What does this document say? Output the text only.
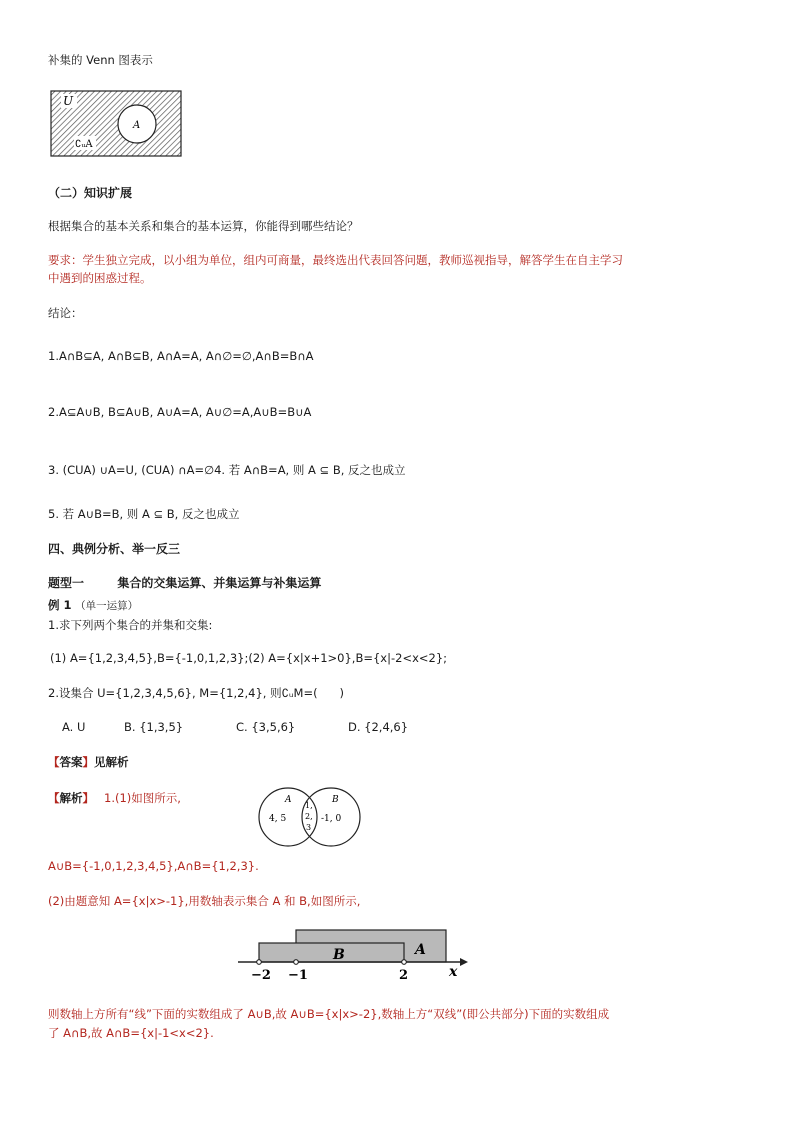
补集的 Venn 图表示
U
A
∁ᵤA
（二）知识扩展
根据集合的基本关系和集合的基本运算，你能得到哪些结论？
要求：学生独立完成，以小组为单位，组内可商量，最终选出代表回答问题，教师巡视指导，解答学生在自主学习
中遇到的困惑过程。
结论：
1.A∩B⊆A, A∩B⊆B, A∩A=A, A∩∅=∅,A∩B=B∩A
2.A⊆A∪B, B⊆A∪B, A∪A=A, A∪∅=A,A∪B=B∪A
3. (CUA) ∪A=U, (CUA) ∩A=∅4. 若 A∩B=A, 则 A ⊆ B, 反之也成立
5. 若 A∪B=B, 则 A ⊆ B, 反之也成立
四、典例分析、举一反三
题型一        集合的交集运算、并集运算与补集运算
例 1 （单一运算）
1.求下列两个集合的并集和交集:
(1) A={1,2,3,4,5},B={-1,0,1,2,3};(2) A={x|x+1>0},B={x|-2<x<2};
2.设集合 U={1,2,3,4,5,6}, M={1,2,4}, 则∁ᵤM=(      )
A. U	B. {1,3,5}	C. {3,5,6}	D. {2,4,6}
【答案】见解析
【解析】 1.(1)如图所示,	A	B
4, 5	-1, 0
1,
2,
3
A∪B={-1,0,1,2,3,4,5},A∩B={1,2,3}.
(2)由题意知 A={x|x>-1},用数轴表示集合 A 和 B,如图所示,
B	A
−2 −1	2	x
则数轴上方所有“线”下面的实数组成了 A∪B,故 A∪B={x|x>-2},数轴上方“双线”(即公共部分)下面的实数组成
了 A∩B,故 A∩B={x|-1<x<2}.
